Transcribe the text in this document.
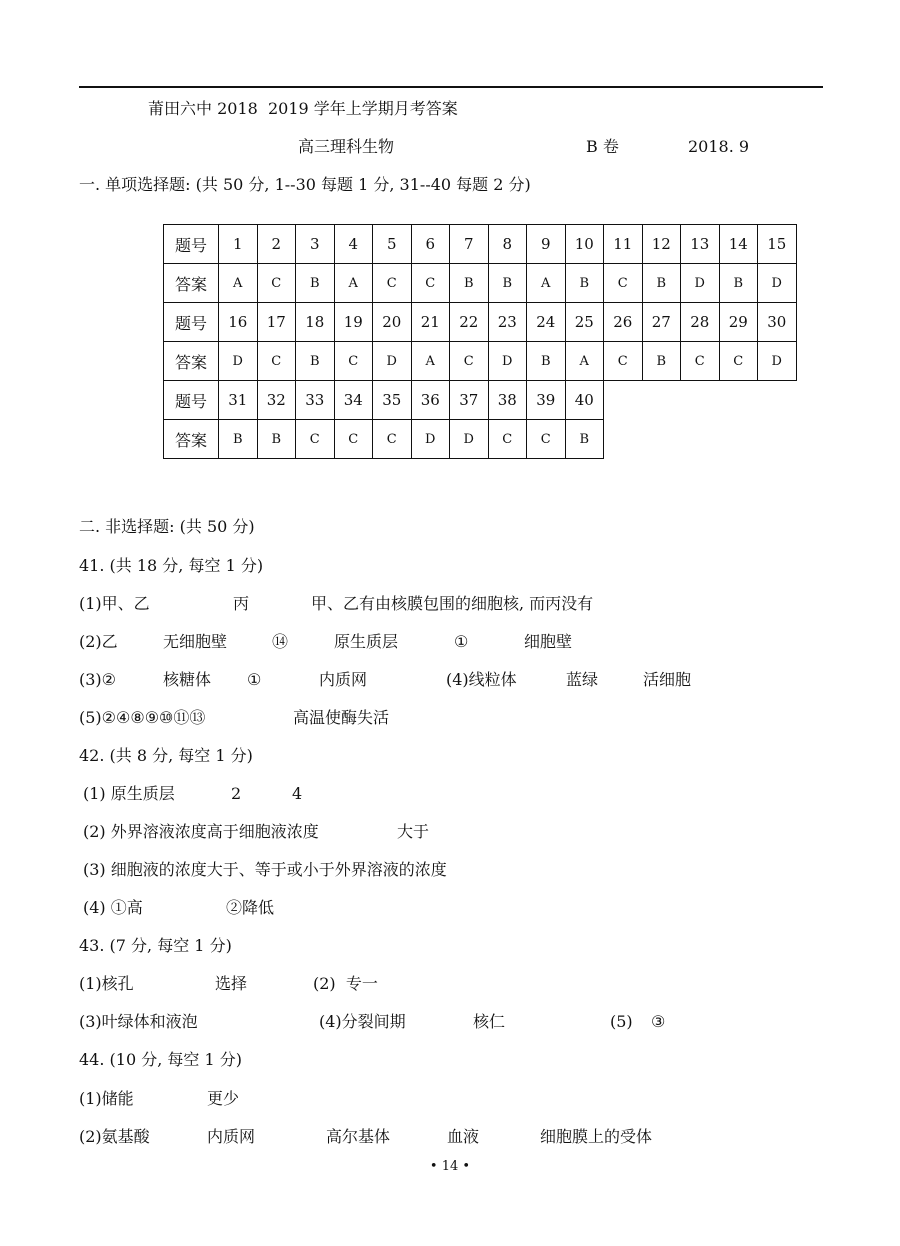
莆田六中 2018  2019 学年上学期月考答案
高三理科生物	B 卷	2018. 9
一. 单项选择题: (共 50 分, 1--30 每题 1 分, 31--40 每题 2 分)
题号	1	2	3	4	5	6	7	8	9	10	11	12	13	14	15
答案	A	C	B	A	C	C	B	B	A	B	C	B	D	B	D
题号	16	17	18	19	20	21	22	23	24	25	26	27	28	29	30
答案	D	C	B	C	D	A	C	D	B	A	C	B	C	C	D
题号	31	32	33	34	35	36	37	38	39	40					
答案	B	B	C	C	C	D	D	C	C	B					
二. 非选择题: (共 50 分)
41. (共 18 分, 每空 1 分)
(1)甲、乙	丙	甲、乙有由核膜包围的细胞核, 而丙没有
(2)乙	无细胞壁	⑭	原生质层	①	细胞壁
(3)②	核糖体 ①	内质网	(4)线粒体	蓝绿	活细胞
(5)②④⑧⑨⑩⑪⑬	高温使酶失活
42. (共 8 分, 每空 1 分)
(1) 原生质层	2	4
(2) 外界溶液浓度高于细胞液浓度	大于
(3) 细胞液的浓度大于、等于或小于外界溶液的浓度
(4) ①高	②降低
43. (7 分, 每空 1 分)
(1)核孔	选择	(2)  专一
(3)叶绿体和液泡	(4)分裂间期	核仁	(5) ③
44. (10 分, 每空 1 分)
(1)储能	更少
(2)氨基酸	内质网	高尔基体	血液	细胞膜上的受体
• 14 •
